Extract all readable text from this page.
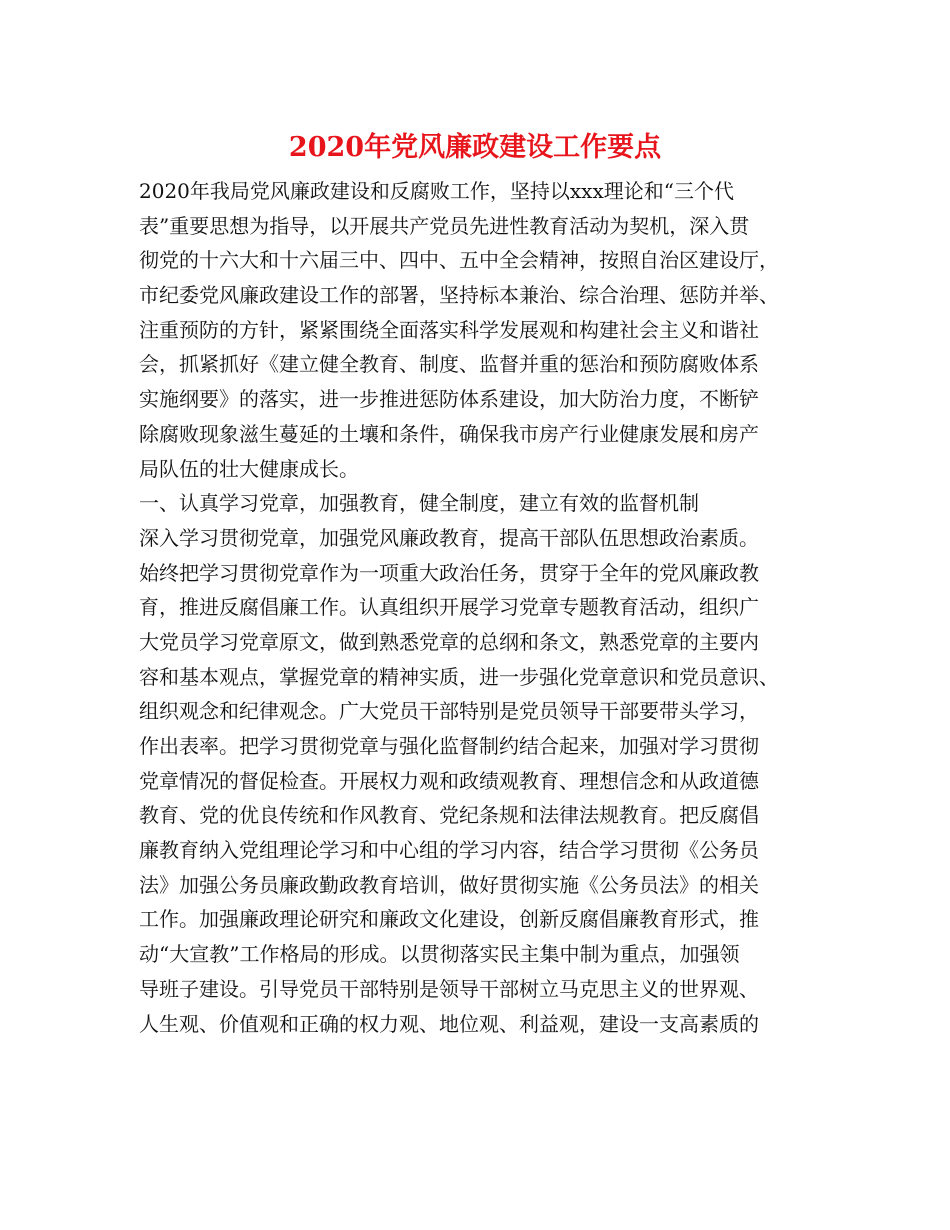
2020年党风廉政建设工作要点
2020年我局党风廉政建设和反腐败工作，坚持以xxx理论和“三个代
表”重要思想为指导，以开展共产党员先进性教育活动为契机，深入贯
彻党的十六大和十六届三中、四中、五中全会精神，按照自治区建设厅，
市纪委党风廉政建设工作的部署，坚持标本兼治、综合治理、惩防并举、
注重预防的方针，紧紧围绕全面落实科学发展观和构建社会主义和谐社
会，抓紧抓好《建立健全教育、制度、监督并重的惩治和预防腐败体系
实施纲要》的落实，进一步推进惩防体系建设，加大防治力度，不断铲
除腐败现象滋生蔓延的土壤和条件，确保我市房产行业健康发展和房产
局队伍的壮大健康成长。
一、认真学习党章，加强教育，健全制度，建立有效的监督机制
深入学习贯彻党章，加强党风廉政教育，提高干部队伍思想政治素质。
始终把学习贯彻党章作为一项重大政治任务，贯穿于全年的党风廉政教
育，推进反腐倡廉工作。认真组织开展学习党章专题教育活动，组织广
大党员学习党章原文，做到熟悉党章的总纲和条文，熟悉党章的主要内
容和基本观点，掌握党章的精神实质，进一步强化党章意识和党员意识、
组织观念和纪律观念。广大党员干部特别是党员领导干部要带头学习，
作出表率。把学习贯彻党章与强化监督制约结合起来，加强对学习贯彻
党章情况的督促检查。开展权力观和政绩观教育、理想信念和从政道德
教育、党的优良传统和作风教育、党纪条规和法律法规教育。把反腐倡
廉教育纳入党组理论学习和中心组的学习内容，结合学习贯彻《公务员
法》加强公务员廉政勤政教育培训，做好贯彻实施《公务员法》的相关
工作。加强廉政理论研究和廉政文化建设，创新反腐倡廉教育形式，推
动“大宣教”工作格局的形成。以贯彻落实民主集中制为重点，加强领
导班子建设。引导党员干部特别是领导干部树立马克思主义的世界观、
人生观、价值观和正确的权力观、地位观、利益观，建设一支高素质的
